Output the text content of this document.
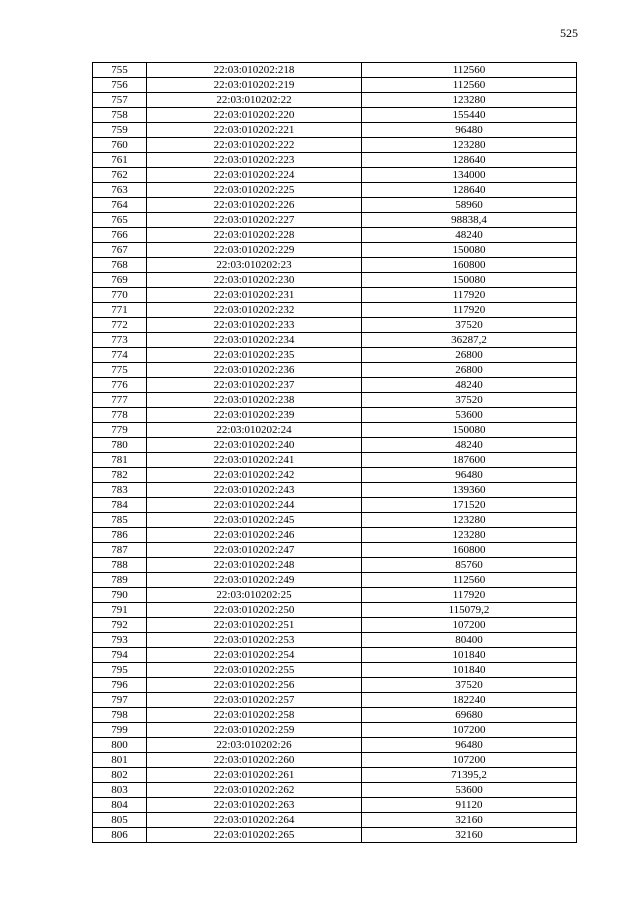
525
755	22:03:010202:218	112560
756	22:03:010202:219	112560
757	22:03:010202:22	123280
758	22:03:010202:220	155440
759	22:03:010202:221	96480
760	22:03:010202:222	123280
761	22:03:010202:223	128640
762	22:03:010202:224	134000
763	22:03:010202:225	128640
764	22:03:010202:226	58960
765	22:03:010202:227	98838,4
766	22:03:010202:228	48240
767	22:03:010202:229	150080
768	22:03:010202:23	160800
769	22:03:010202:230	150080
770	22:03:010202:231	117920
771	22:03:010202:232	117920
772	22:03:010202:233	37520
773	22:03:010202:234	36287,2
774	22:03:010202:235	26800
775	22:03:010202:236	26800
776	22:03:010202:237	48240
777	22:03:010202:238	37520
778	22:03:010202:239	53600
779	22:03:010202:24	150080
780	22:03:010202:240	48240
781	22:03:010202:241	187600
782	22:03:010202:242	96480
783	22:03:010202:243	139360
784	22:03:010202:244	171520
785	22:03:010202:245	123280
786	22:03:010202:246	123280
787	22:03:010202:247	160800
788	22:03:010202:248	85760
789	22:03:010202:249	112560
790	22:03:010202:25	117920
791	22:03:010202:250	115079,2
792	22:03:010202:251	107200
793	22:03:010202:253	80400
794	22:03:010202:254	101840
795	22:03:010202:255	101840
796	22:03:010202:256	37520
797	22:03:010202:257	182240
798	22:03:010202:258	69680
799	22:03:010202:259	107200
800	22:03:010202:26	96480
801	22:03:010202:260	107200
802	22:03:010202:261	71395,2
803	22:03:010202:262	53600
804	22:03:010202:263	91120
805	22:03:010202:264	32160
806	22:03:010202:265	32160
